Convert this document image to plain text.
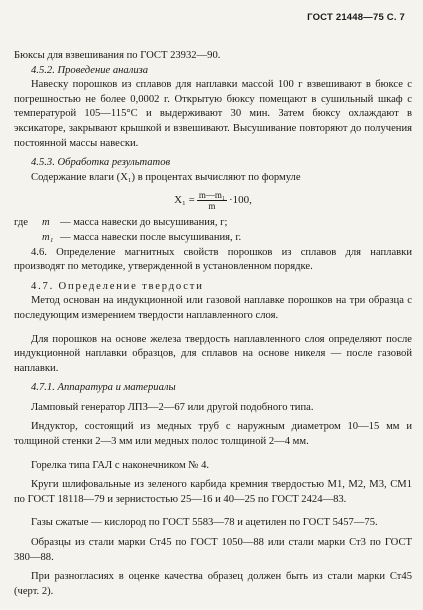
ГОСТ 21448—75 С. 7

Бюксы для взвешивания по ГОСТ 23932—90.

4.5.2. Проведение анализа

Навеску порошков из сплавов для наплавки массой 100 г взвешивают в бюксе с погрешностью не более 0,0002 г. Открытую бюксу помещают в сушильный шкаф с температурой 105—115°С и выдерживают 30 мин. Затем бюксу охлаждают в эксикаторе, закрывают крышкой и взвешивают. Высушивание повторяют до получения постоянной массы навески.

4.5.3. Обработка результатов

Содержание влаги (X₁) в процентах вычисляют по формуле

$X_1 = \frac{\text{m—m₁}}{m} \cdot 100$,
где	m — масса навески до высушивания, г;
m₁ — масса навески после высушивания, г.

4.6. Определение магнитных свойств порошков из сплавов для наплавки производят по методике, утвержденной в установленном порядке.

4.7. Определение твердости

Метод основан на индукционной или газовой наплавке порошков на три образца с последующим измерением твердости наплавленного слоя.

Для порошков на основе железа твердость наплавленного слоя определяют после индукционной наплавки образцов, для сплавов на основе никеля — после газовой наплавки.

4.7.1. Аппаратура и материалы

Ламповый генератор ЛПЗ—2—67 или другой подобного типа.

Индуктор, состоящий из медных труб с наружным диаметром 10—15 мм и толщиной стенки 2—3 мм или медных полос толщиной 2—4 мм.

Горелка типа ГАЛ с наконечником № 4.

Круги шлифовальные из зеленого карбида кремния твердостью М1, М2, М3, СМ1 по ГОСТ 18118—79 и зернистостью 25—16 и 40—25 по ГОСТ 2424—83.

Газы сжатые — кислород по ГОСТ 5583—78 и ацетилен по ГОСТ 5457—75.

Образцы из стали марки Ст45 по ГОСТ 1050—88 или стали марки Ст3 по ГОСТ 380—88.

При разногласиях в оценке качества образец должен быть из стали марки Ст45 (черт. 2).
